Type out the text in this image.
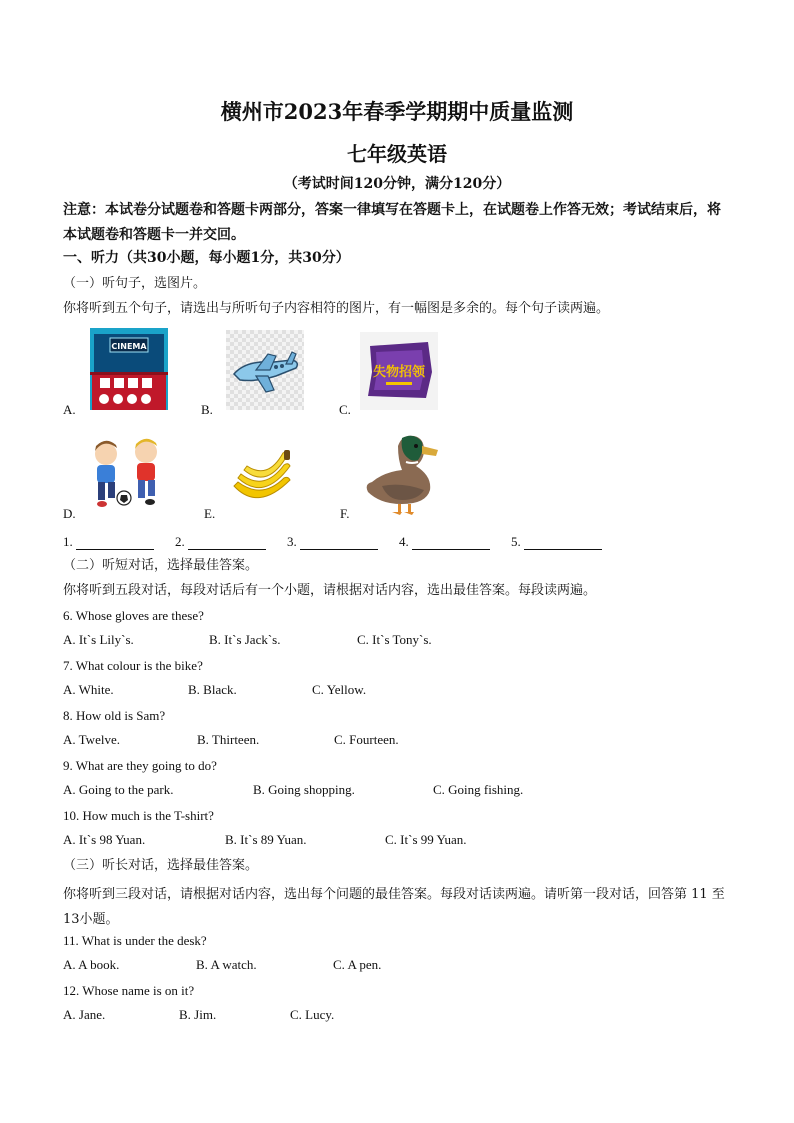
横州市2023年春季学期期中质量监测
七年级英语
（考试时间120分钟，满分120分）
注意：本试卷分试题卷和答题卡两部分，答案一律填写在答题卡上，在试题卷上作答无效；考试结束后，将本试题卷和答题卡一并交回。
一、听力（共30小题，每小题1分，共30分）
（一）听句子，选图片。
你将听到五个句子，请选出与所听句子内容相符的图片，有一幅图是多余的。每个句子读两遍。
A.
CINEMA
B.	C.
失物招领
D.	E.	F.
1.	2.	3.	4.	5.
（二）听短对话，选择最佳答案。
你将听到五段对话，每段对话后有一个小题，请根据对话内容，选出最佳答案。每段读两遍。
6. Whose gloves are these?
A. It`s Lily`s.	B. It`s Jack`s.	C. It`s Tony`s.
7. What colour is the bike?
A. White.	B. Black.	C. Yellow.
8. How old is Sam?
A. Twelve.	B. Thirteen.	C. Fourteen.
9. What are they going to do?
A. Going to the park.	B. Going shopping.	C. Going fishing.
10. How much is the T-shirt?
A. It`s 98 Yuan.	B. It`s 89 Yuan.	C. It`s 99 Yuan.
（三）听长对话，选择最佳答案。
你将听到三段对话，请根据对话内容，选出每个问题的最佳答案。每段对话读两遍。请听第一段对话，回答第 11 至 13小题。
11. What is under the desk?
A. A book.	B. A watch.	C. A pen.
12. Whose name is on it?
A. Jane.	B. Jim.	C. Lucy.
